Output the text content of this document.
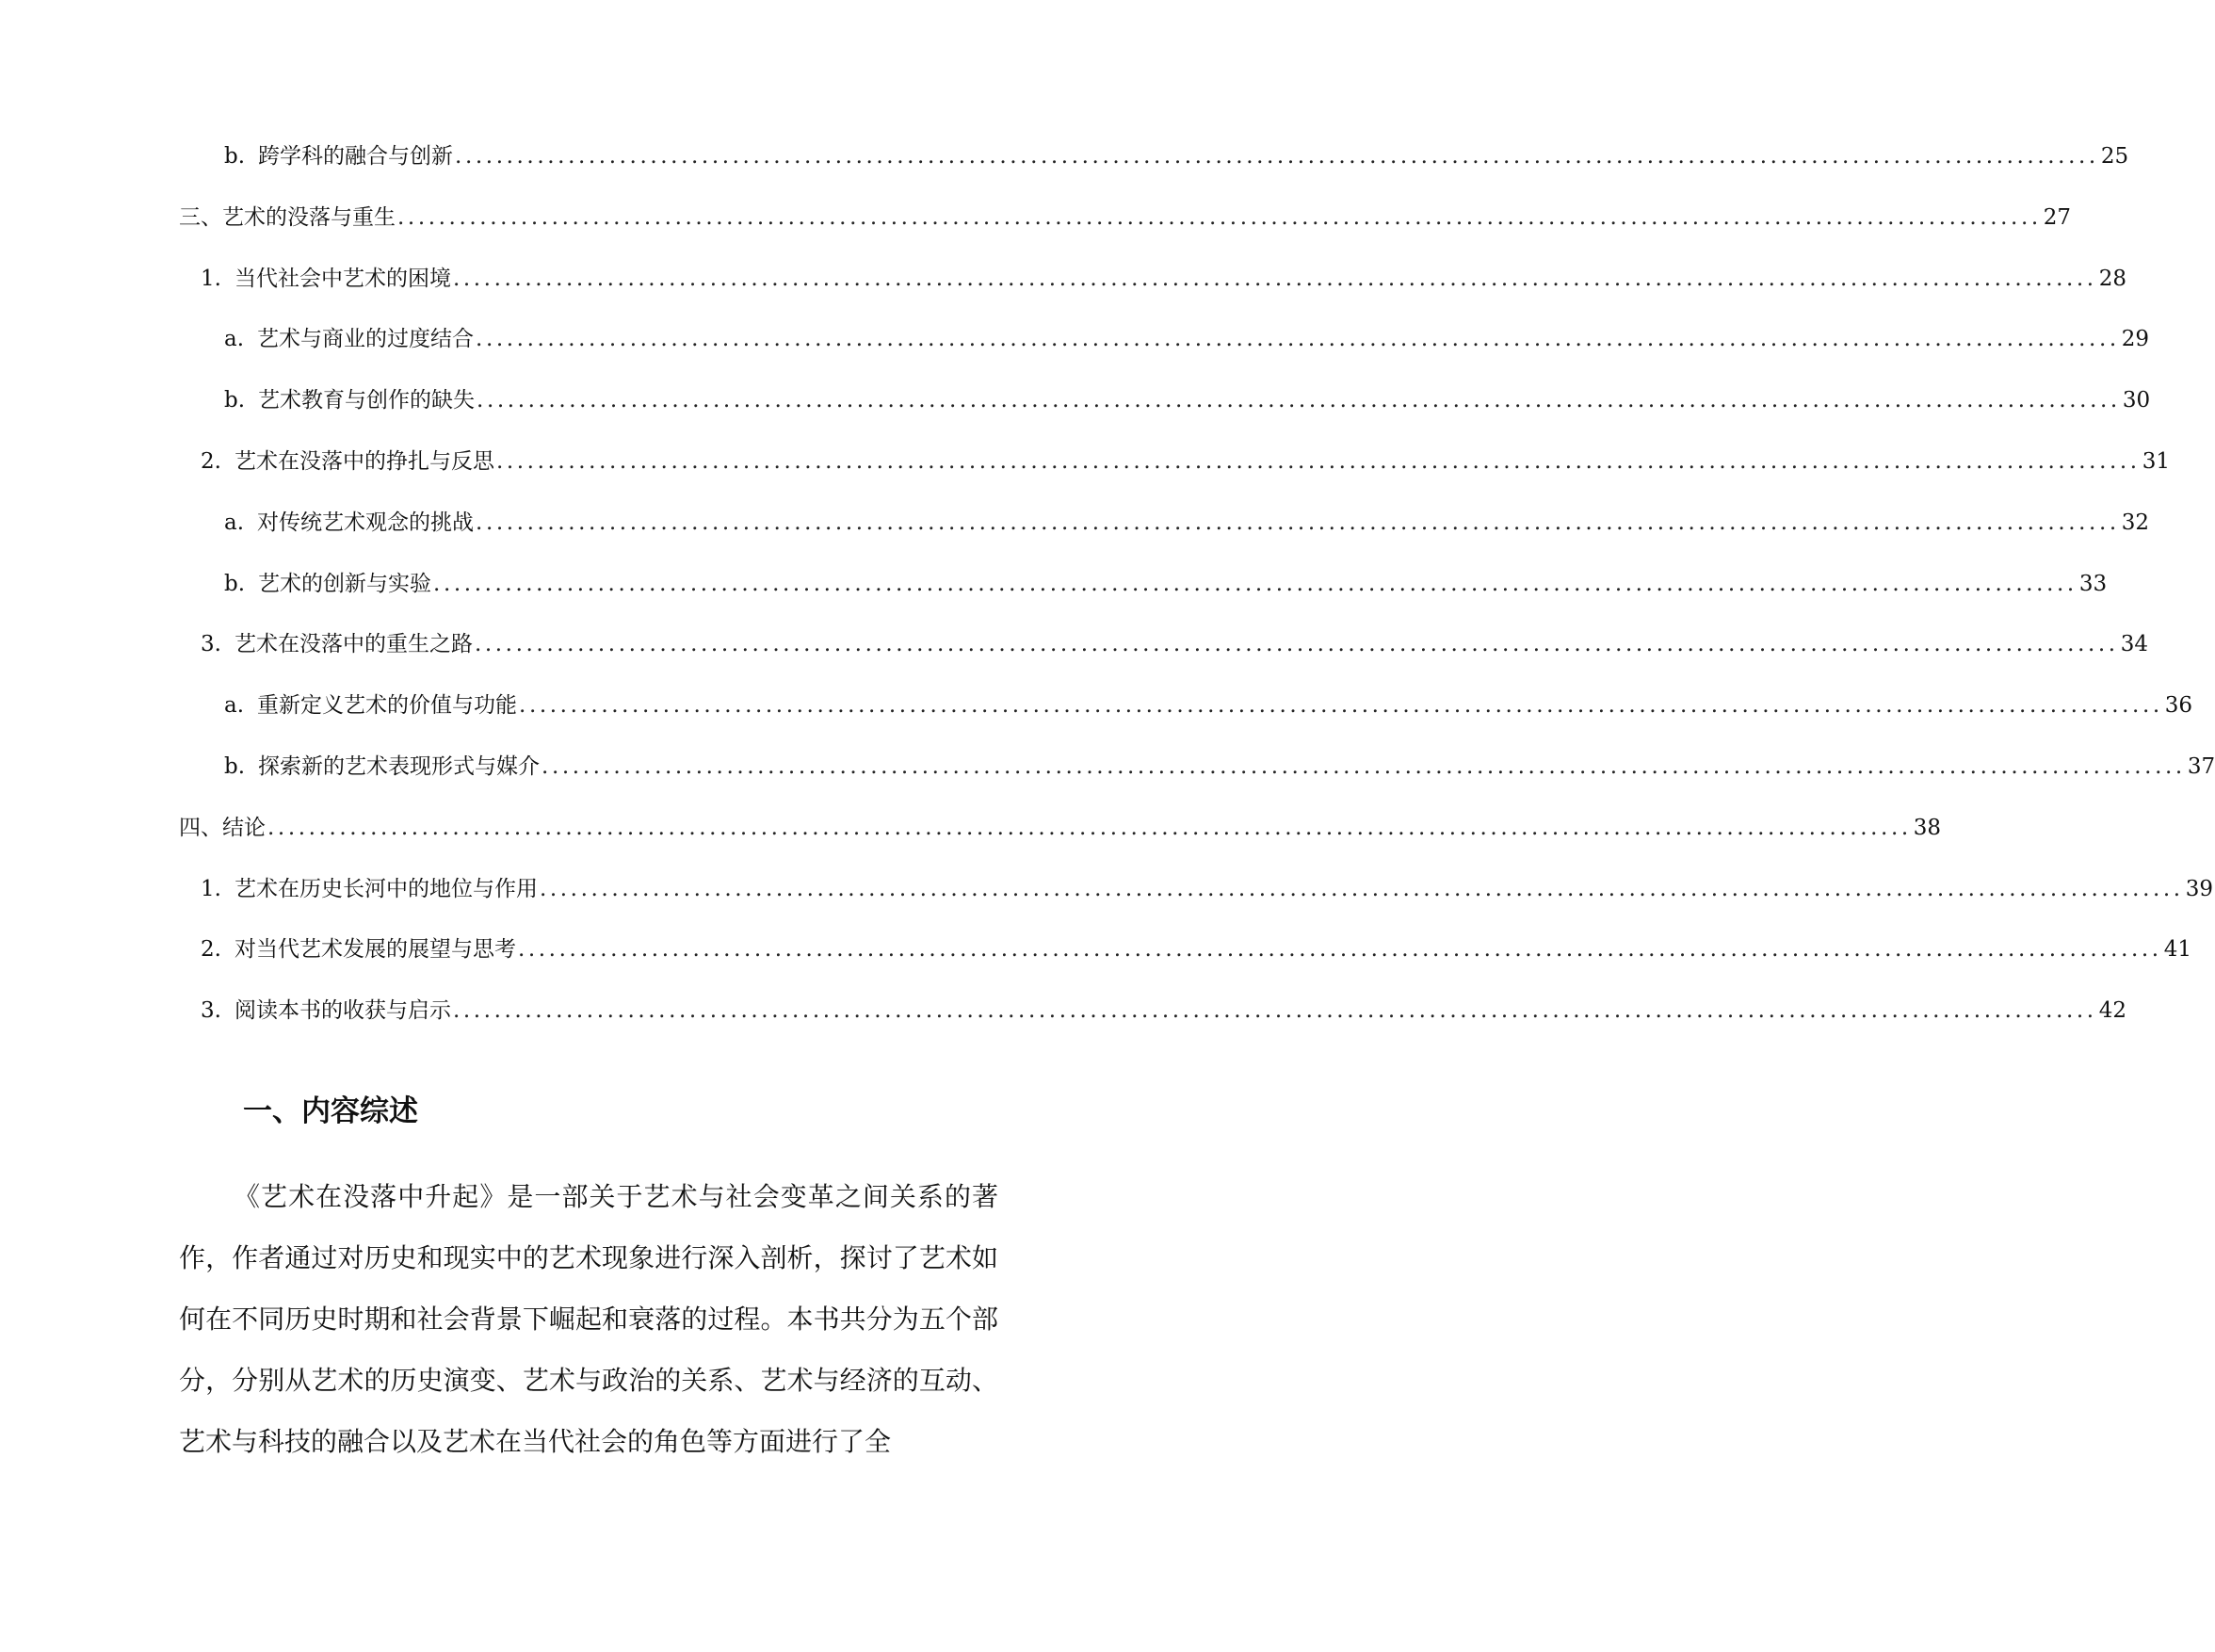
b. 跨学科的融合与创新 ................................................................................................................................................................ 25
三、 艺术的没落与重生 ................................................................................................................................................................ 27
1. 当代社会中艺术的困境 ................................................................................................................................................................ 28
a. 艺术与商业的过度结合 ................................................................................................................................................................ 29
b. 艺术教育与创作的缺失 ................................................................................................................................................................ 30
2. 艺术在没落中的挣扎与反思 ................................................................................................................................................................ 31
a. 对传统艺术观念的挑战 ................................................................................................................................................................ 32
b. 艺术的创新与实验 ................................................................................................................................................................ 33
3. 艺术在没落中的重生之路 ................................................................................................................................................................ 34
a. 重新定义艺术的价值与功能 ................................................................................................................................................................ 36
b. 探索新的艺术表现形式与媒介 ................................................................................................................................................................ 37
四、 结论 ................................................................................................................................................................ 38
1. 艺术在历史长河中的地位与作用 ................................................................................................................................................................ 39
2. 对当代艺术发展的展望与思考 ................................................................................................................................................................ 41
3. 阅读本书的收获与启示 ................................................................................................................................................................ 42
一、内容综述
《艺术在没落中升起》是一部关于艺术与社会变革之间关系的著作，作者通过对历史和现实中的艺术现象进行深入剖析，探讨了艺术如何在不同历史时期和社会背景下崛起和衰落的过程。本书共分为五个部分，分别从艺术的历史演变、艺术与政治的关系、艺术与经济的互动、艺术与科技的融合以及艺术在当代社会的角色等方面进行了全
